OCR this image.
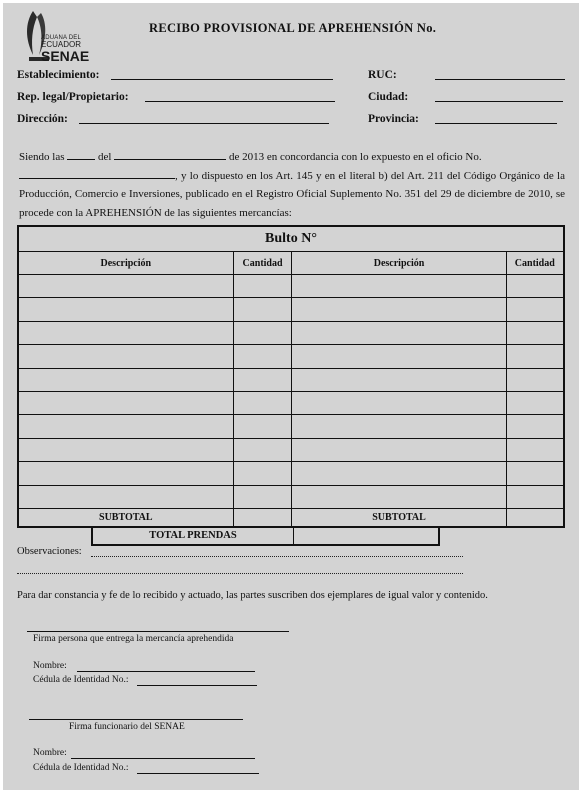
ADUANA DEL
ECUADOR
SENAE
RECIBO PROVISIONAL DE APREHENSIÓN No.
Establecimiento:	RUC:
Rep. legal/Propietario:	Ciudad:
Dirección:	Provincia:
Siendo las	del	de 2013 en concordancia con lo expuesto en el oficio No.
, y lo dispuesto en los Art. 145 y en el literal b) del Art. 211 del Código Orgánico de la Producción, Comercio e Inversiones, publicado en el Registro Oficial Suplemento No. 351 del 29 de diciembre de 2010, se procede con la APREHENSIÓN de las siguientes mercancías:
Bulto N°			
Descripción	Cantidad	Descripción	Cantidad

SUBTOTAL		SUBTOTAL	
TOTAL PRENDAS
Observaciones:
Para dar constancia y fe de lo recibido y actuado, las partes suscriben dos ejemplares de igual valor y contenido.
Firma persona que entrega la mercancía aprehendida
Nombre:
Cédula de Identidad No.:
Firma funcionario del SENAE
Nombre:
Cédula de Identidad No.:
